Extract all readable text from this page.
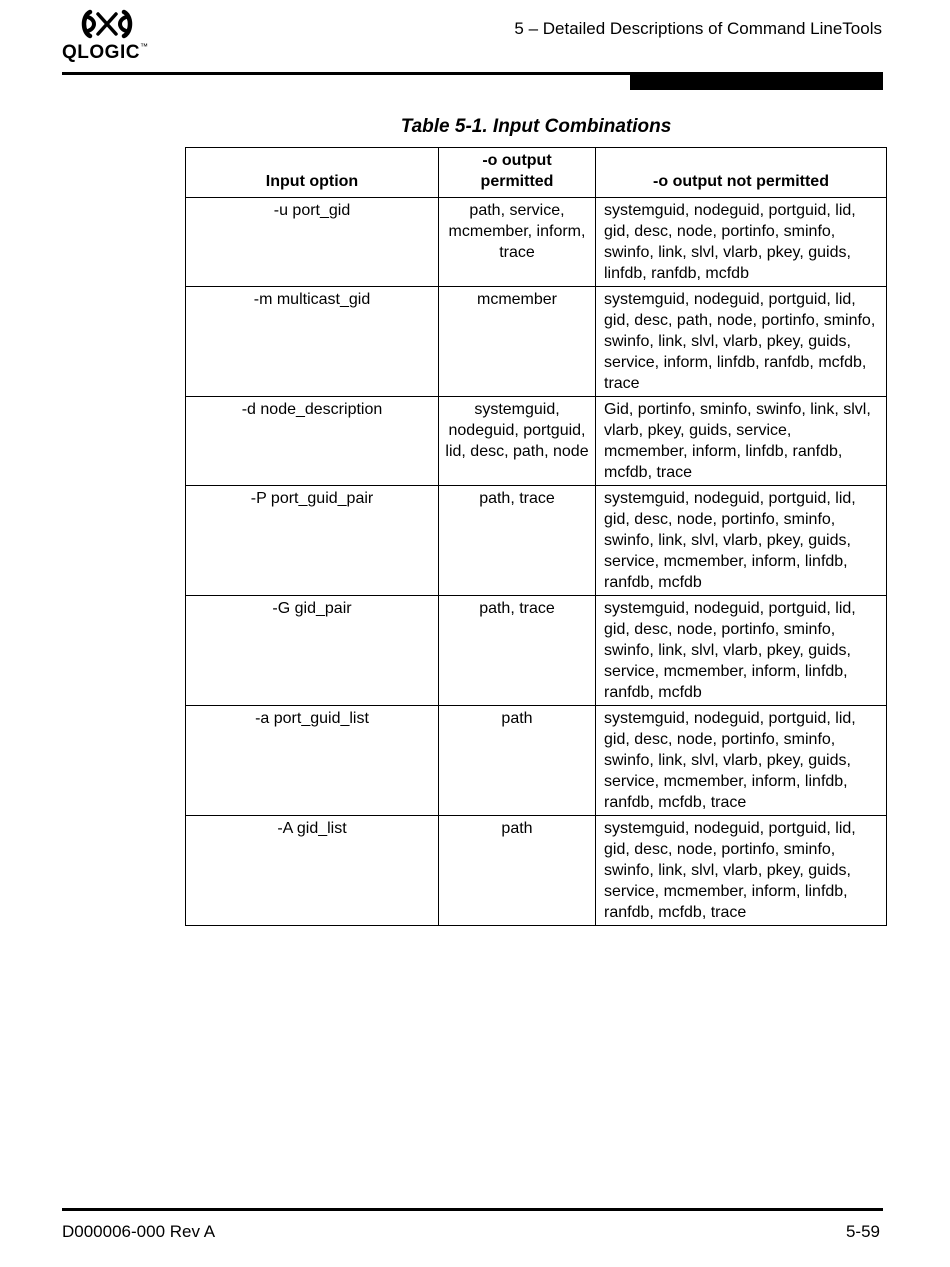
QLOGIC™
5 – Detailed Descriptions of Command LineTools
Table 5-1. Input Combinations
Input option	-o output permitted	-o output not permitted
-u port_gid	path, service, mcmember, inform, trace	systemguid, nodeguid, portguid, lid, gid, desc, node, portinfo, sminfo, swinfo, link, slvl, vlarb, pkey, guids, linfdb, ranfdb, mcfdb
-m multicast_gid	mcmember	systemguid, nodeguid, portguid, lid, gid, desc, path, node, portinfo, sminfo, swinfo, link, slvl, vlarb, pkey, guids, service, inform, linfdb, ranfdb, mcfdb, trace
-d node_description	systemguid, nodeguid, portguid, lid, desc, path, node	Gid, portinfo, sminfo, swinfo, link, slvl, vlarb, pkey, guids, service, mcmember, inform, linfdb, ranfdb, mcfdb, trace
-P port_guid_pair	path, trace	systemguid, nodeguid, portguid, lid, gid, desc, node, portinfo, sminfo, swinfo, link, slvl, vlarb, pkey, guids, service, mcmember, inform, linfdb, ranfdb, mcfdb
-G gid_pair	path, trace	systemguid, nodeguid, portguid, lid, gid, desc, node, portinfo, sminfo, swinfo, link, slvl, vlarb, pkey, guids, service, mcmember, inform, linfdb, ranfdb, mcfdb
-a port_guid_list	path	systemguid, nodeguid, portguid, lid, gid, desc, node, portinfo, sminfo, swinfo, link, slvl, vlarb, pkey, guids, service, mcmember, inform, linfdb, ranfdb, mcfdb, trace
-A gid_list	path	systemguid, nodeguid, portguid, lid, gid, desc, node, portinfo, sminfo, swinfo, link, slvl, vlarb, pkey, guids, service, mcmember, inform, linfdb, ranfdb, mcfdb, trace
D000006-000 Rev A	5-59
